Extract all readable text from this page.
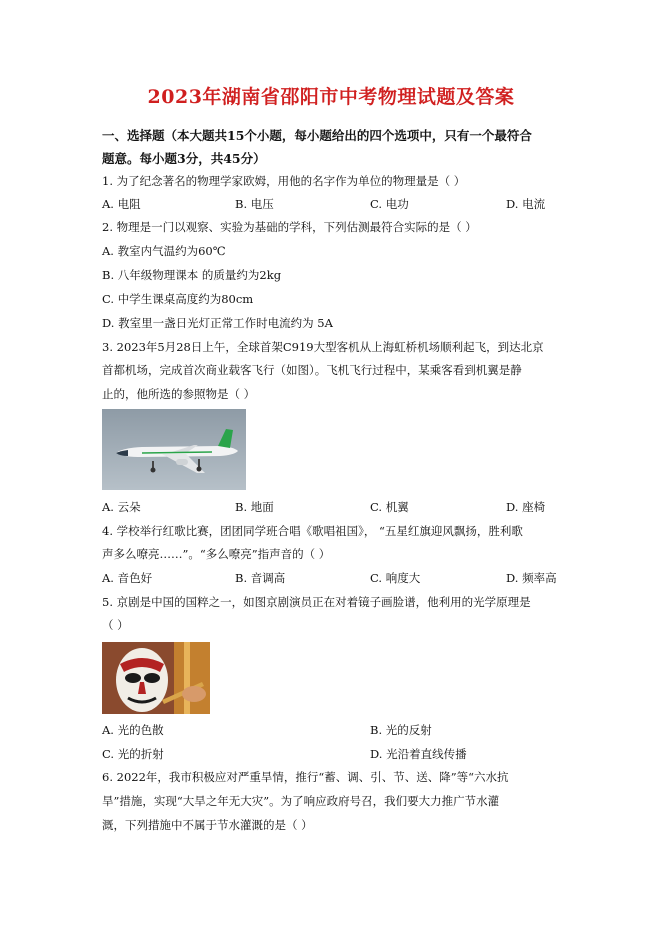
2023年湖南省邵阳市中考物理试题及答案
一、选择题（本大题共15个小题，每小题给出的四个选项中，只有一个最符合
题意。每小题3分，共45分）
1. 为了纪念著名的物理学家欧姆，用他的名字作为单位的物理量是（ ）
A. 电阻	B. 电压	C. 电功	D. 电流
2. 物理是一门以观察、实验为基础的学科，下列估测最符合实际的是（ ）
A. 教室内气温约为60℃
B. 八年级物理课本 的质量约为2kg
C. 中学生课桌高度约为80cm
D. 教室里一盏日光灯正常工作时电流约为 5A
3. 2023年5月28日上午，全球首架C919大型客机从上海虹桥机场顺利起飞，到达北京
首都机场，完成首次商业载客飞行（如图）。飞机飞行过程中，某乘客看到机翼是静
止的，他所选的参照物是（ ）
A. 云朵	B. 地面	C. 机翼	D. 座椅
4. 学校举行红歌比赛，团团同学班合唱《歌唱祖国》， “五星红旗迎风飘扬，胜利歌
声多么嘹亮……”。“多么嘹亮”指声音的（ ）
A. 音色好	B. 音调高	C. 响度大	D. 频率高
5. 京剧是中国的国粹之一，如图京剧演员正在对着镜子画脸谱，他利用的光学原理是
（ ）
A. 光的色散	B. 光的反射
C. 光的折射	D. 光沿着直线传播
6. 2022年，我市积极应对严重旱情，推行“蓄、调、引、节、送、降”等“六水抗
旱”措施，实现“大旱之年无大灾”。为了响应政府号召，我们要大力推广节水灌
溉，下列措施中不属于节水灌溉的是（ ）
